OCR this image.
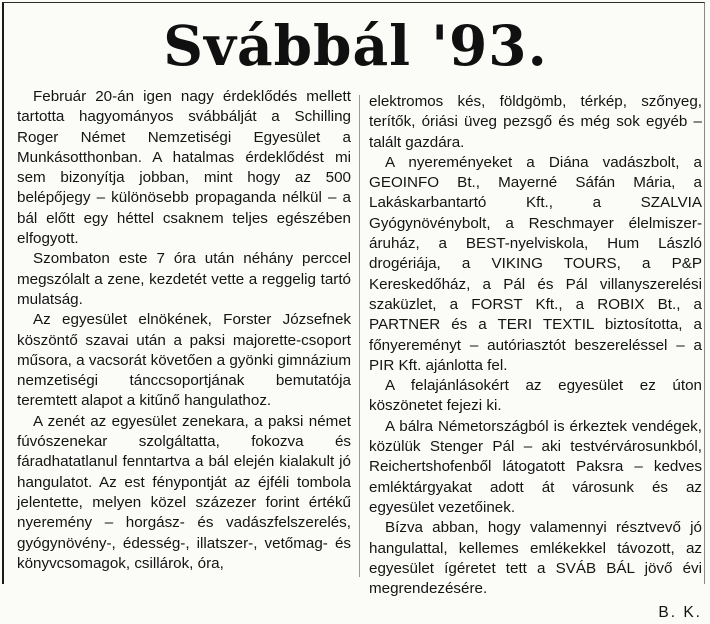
Svábbál '93.

Február 20-án igen nagy érdeklődés mellett tartotta hagyományos svábbálját a Schilling Roger Német Nemzetiségi Egyesület a Munkásotthonban. A hatalmas érdeklődést mi sem bizonyítja jobban, mint hogy az 500 belépőjegy – különösebb propaganda nélkül – a bál előtt egy héttel csaknem teljes egészében elfogyott.

Szombaton este 7 óra után néhány perccel megszólalt a zene, kezdetét vette a reggelig tartó mulatság.

Az egyesület elnökének, Forster Józsefnek köszöntő szavai után a paksi majorette-csoport műsora, a vacsorát követően a gyönki gimnázium nemzetiségi tánccsoportjának bemutatója teremtett alapot a kitűnő hangulathoz.

A zenét az egyesület zenekara, a paksi német fúvószenekar szolgáltatta, fokozva és fáradhatatlanul fenntartva a bál elején kialakult jó hangulatot. Az est fénypontját az éjféli tombola jelentette, melyen közel százezer forint értékű nyeremény – horgász- és vadászfelszerelés, gyógynövény-, édesség-, illatszer-, vetőmag- és könyvcsomagok, csillárok, óra,

elektromos kés, földgömb, térkép, szőnyeg, terítők, óriási üveg pezsgő és még sok egyéb – talált gazdára.

A nyereményeket a Diána vadászbolt, a GEOINFO Bt., Mayerné Sáfán Mária, a Lakáskarbantartó Kft., a SZALVIA Gyógynövénybolt, a Reschmayer élelmiszer-áruház, a BEST-nyelviskola, Hum László drogériája, a VIKING TOURS, a P&P Kereskedőház, a Pál és Pál villanyszerelési szaküzlet, a FORST Kft., a ROBIX Bt., a PARTNER és a TERI TEXTIL biztosította, a főnyereményt – autóriasztót beszereléssel – a PIR Kft. ajánlotta fel.

A felajánlásokért az egyesület ez úton köszönetet fejezi ki.

A bálra Németországból is érkeztek vendégek, közülük Stenger Pál – aki testvérvárosunkból, Reichertshofenből látogatott Paksra – kedves emléktárgyakat adott át városunk és az egyesület vezetőinek.

Bízva abban, hogy valamennyi résztvevő jó hangulattal, kellemes emlékekkel távozott, az egyesület ígéretet tett a SVÁB BÁL jövő évi megrendezésére.

B. K.
